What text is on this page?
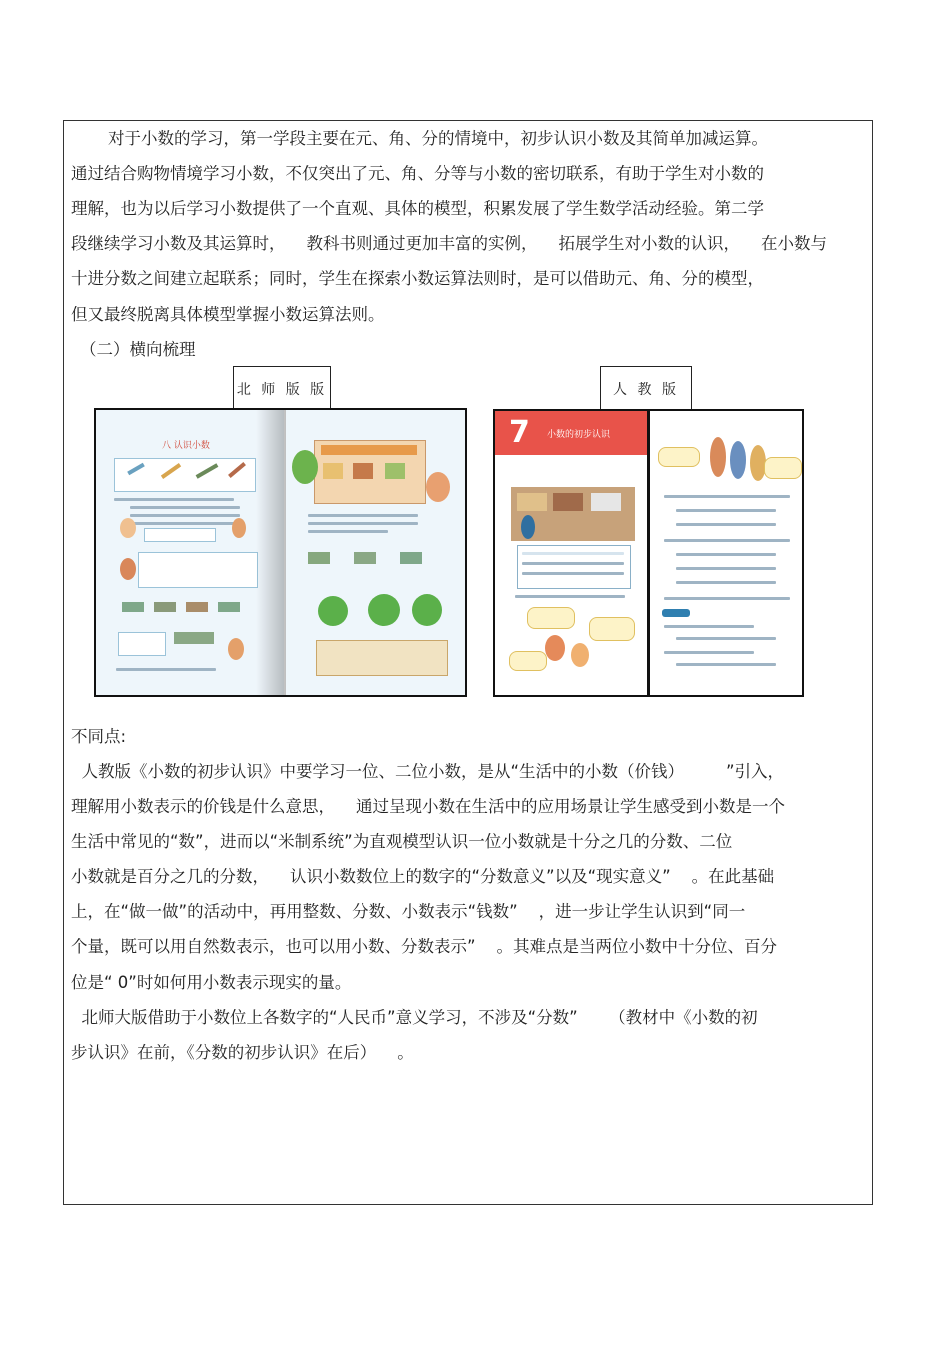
对于小数的学习，第一学段主要在元、角、分的情境中，初步认识小数及其简单加减运算。
通过结合购物情境学习小数，不仅突出了元、角、分等与小数的密切联系，有助于学生对小数的
理解，也为以后学习小数提供了一个直观、具体的模型，积累发展了学生数学活动经验。第二学
段继续学习小数及其运算时，    教科书则通过更加丰富的实例，    拓展学生对小数的认识，    在小数与
十进分数之间建立起联系；同时，学生在探索小数运算法则时，是可以借助元、角、分的模型，
但又最终脱离具体模型掌握小数运算法则。
（二）横向梳理
北 师 版 版	人 教 版
八 认识小数	7 小数的初步认识
不同点:
人教版《小数的初步认识》中要学习一位、二位小数，是从“生活中的小数（价钱）        ”引入，
理解用小数表示的价钱是什么意思，    通过呈现小数在生活中的应用场景让学生感受到小数是一个
生活中常见的“数”，进而以“米制系统”为直观模型认识一位小数就是十分之几的分数、二位
小数就是百分之几的分数，    认识小数数位上的数字的“分数意义”以及“现实意义”    。在此基础
上，在“做一做”的活动中，再用整数、分数、小数表示“钱数”    ，进一步让学生认识到“同一
个量，既可以用自然数表示，也可以用小数、分数表示”    。其难点是当两位小数中十分位、百分
位是“ 0”时如何用小数表示现实的量。
北师大版借助于小数位上各数字的“人民币”意义学习，不涉及“分数”      （教材中《小数的初
步认识》在前，《分数的初步认识》在后）    。
